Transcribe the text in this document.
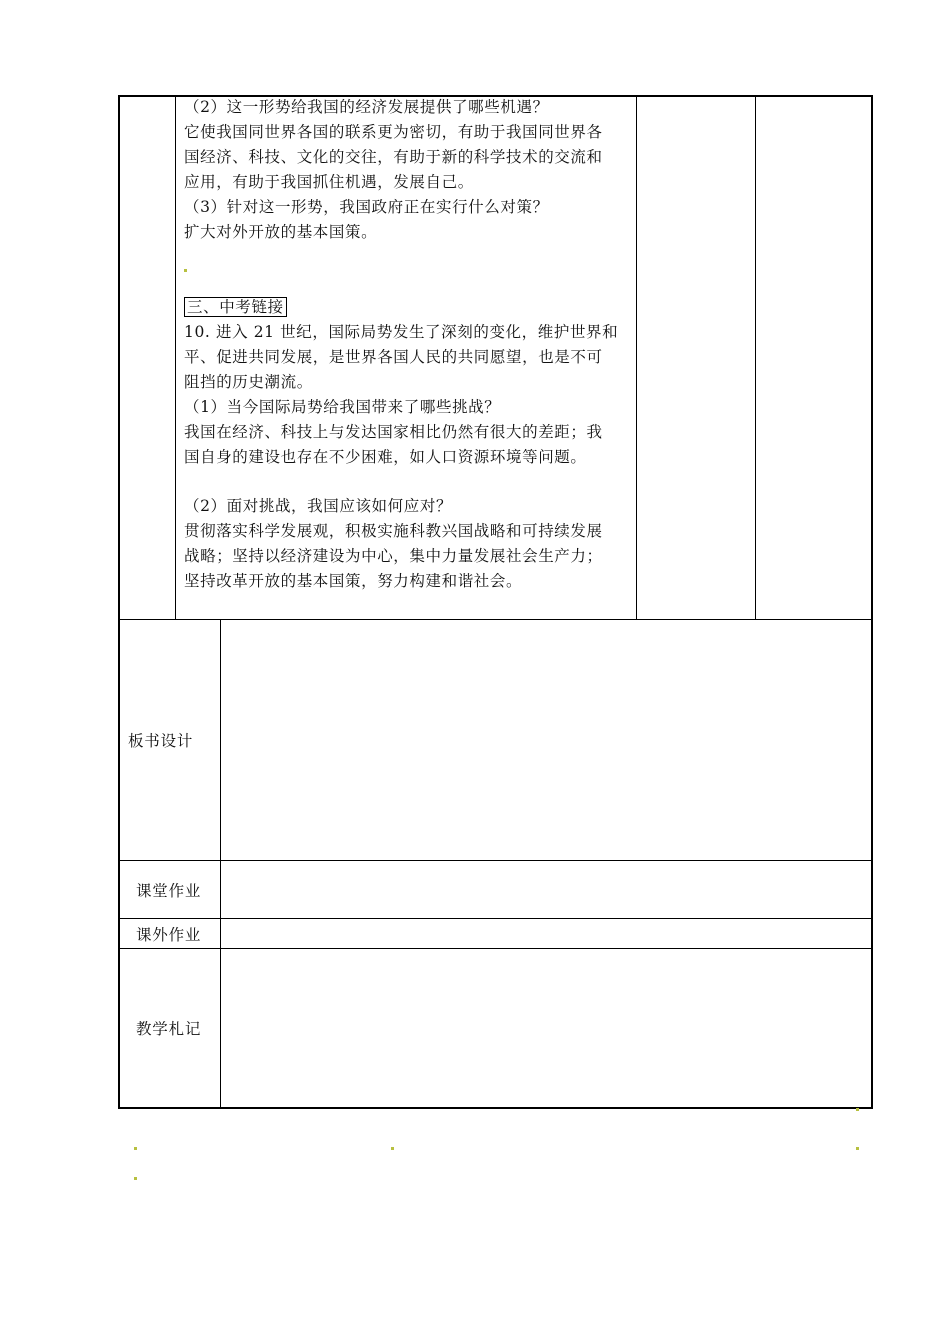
（2）这一形势给我国的经济发展提供了哪些机遇？
它使我国同世界各国的联系更为密切，有助于我国同世界各
国经济、科技、文化的交往，有助于新的科学技术的交流和
应用，有助于我国抓住机遇，发展自己。
（3）针对这一形势，我国政府正在实行什么对策？
扩大对外开放的基本国策。
三、中考链接
10. 进入 21 世纪，国际局势发生了深刻的变化，维护世界和
平、促进共同发展，是世界各国人民的共同愿望，也是不可
阻挡的历史潮流。
（1）当今国际局势给我国带来了哪些挑战？
我国在经济、科技上与发达国家相比仍然有很大的差距；我
国自身的建设也存在不少困难，如人口资源环境等问题。
（2）面对挑战，我国应该如何应对？
贯彻落实科学发展观，积极实施科教兴国战略和可持续发展
战略；坚持以经济建设为中心，集中力量发展社会生产力；
坚持改革开放的基本国策，努力构建和谐社会。
板书设计
课堂作业
课外作业
教学札记
